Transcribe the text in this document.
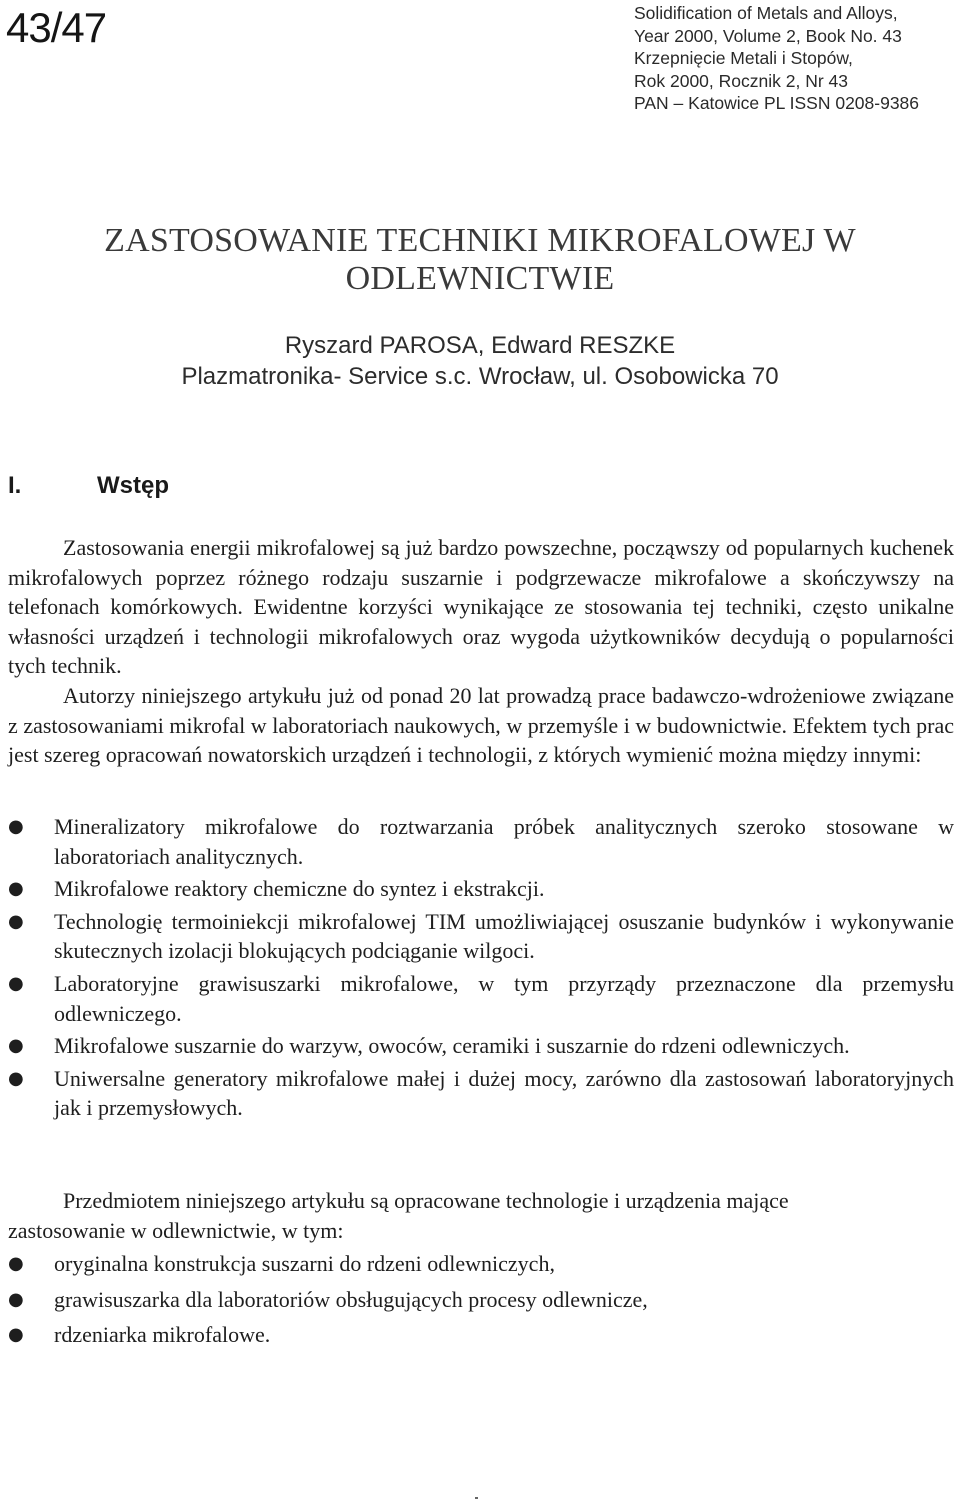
43/47	Solidification of Metals and Alloys,
Year 2000, Volume 2, Book No. 43
Krzepnięcie Metali i Stopów,
Rok 2000, Rocznik 2, Nr 43
PAN – Katowice PL ISSN 0208-9386
ZASTOSOWANIE TECHNIKI MIKROFALOWEJ W
ODLEWNICTWIE
Ryszard PAROSA, Edward RESZKE
Plazmatronika- Service s.c. Wrocław, ul. Osobowicka 70
I.	Wstęp

Zastosowania energii mikrofalowej są już bardzo powszechne, począwszy od popularnych kuchenek mikrofalowych poprzez różnego rodzaju suszarnie i podgrzewacze mikrofalowe a skończywszy na telefonach komórkowych. Ewidentne korzyści wynikające ze stosowania tej techniki, często unikalne własności urządzeń i technologii mikrofalowych oraz wygoda użytkowników decydują o popularności tych technik.

Autorzy niniejszego artykułu już od ponad 20 lat prowadzą prace badawczo-wdrożeniowe związane z zastosowaniami mikrofal w laboratoriach naukowych, w przemyśle i w budownictwie. Efektem tych prac jest szereg opracowań nowatorskich urządzeń i technologii, z których wymienić można między innymi:

●	Mineralizatory mikrofalowe do roztwarzania próbek analitycznych szeroko stosowane w laboratoriach analitycznych.
●	Mikrofalowe reaktory chemiczne do syntez i ekstrakcji.
●	Technologię termoiniekcji mikrofalowej TIM umożliwiającej osuszanie budynków i wykonywanie skutecznych izolacji blokujących podciąganie wilgoci.
●	Laboratoryjne grawisuszarki mikrofalowe, w tym przyrządy przeznaczone dla przemysłu odlewniczego.
●	Mikrofalowe suszarnie do warzyw, owoców, ceramiki i suszarnie do rdzeni odlewniczych.
●	Uniwersalne generatory mikrofalowe małej i dużej mocy, zarówno dla zastosowań laboratoryjnych jak i przemysłowych.

Przedmiotem niniejszego artykułu są opracowane technologie i urządzenia mające

zastosowanie w odlewnictwie, w tym:

●	oryginalna konstrukcja suszarni do rdzeni odlewniczych,
●	grawisuszarka dla laboratoriów obsługujących procesy odlewnicze,
●	rdzeniarka mikrofalowe.
